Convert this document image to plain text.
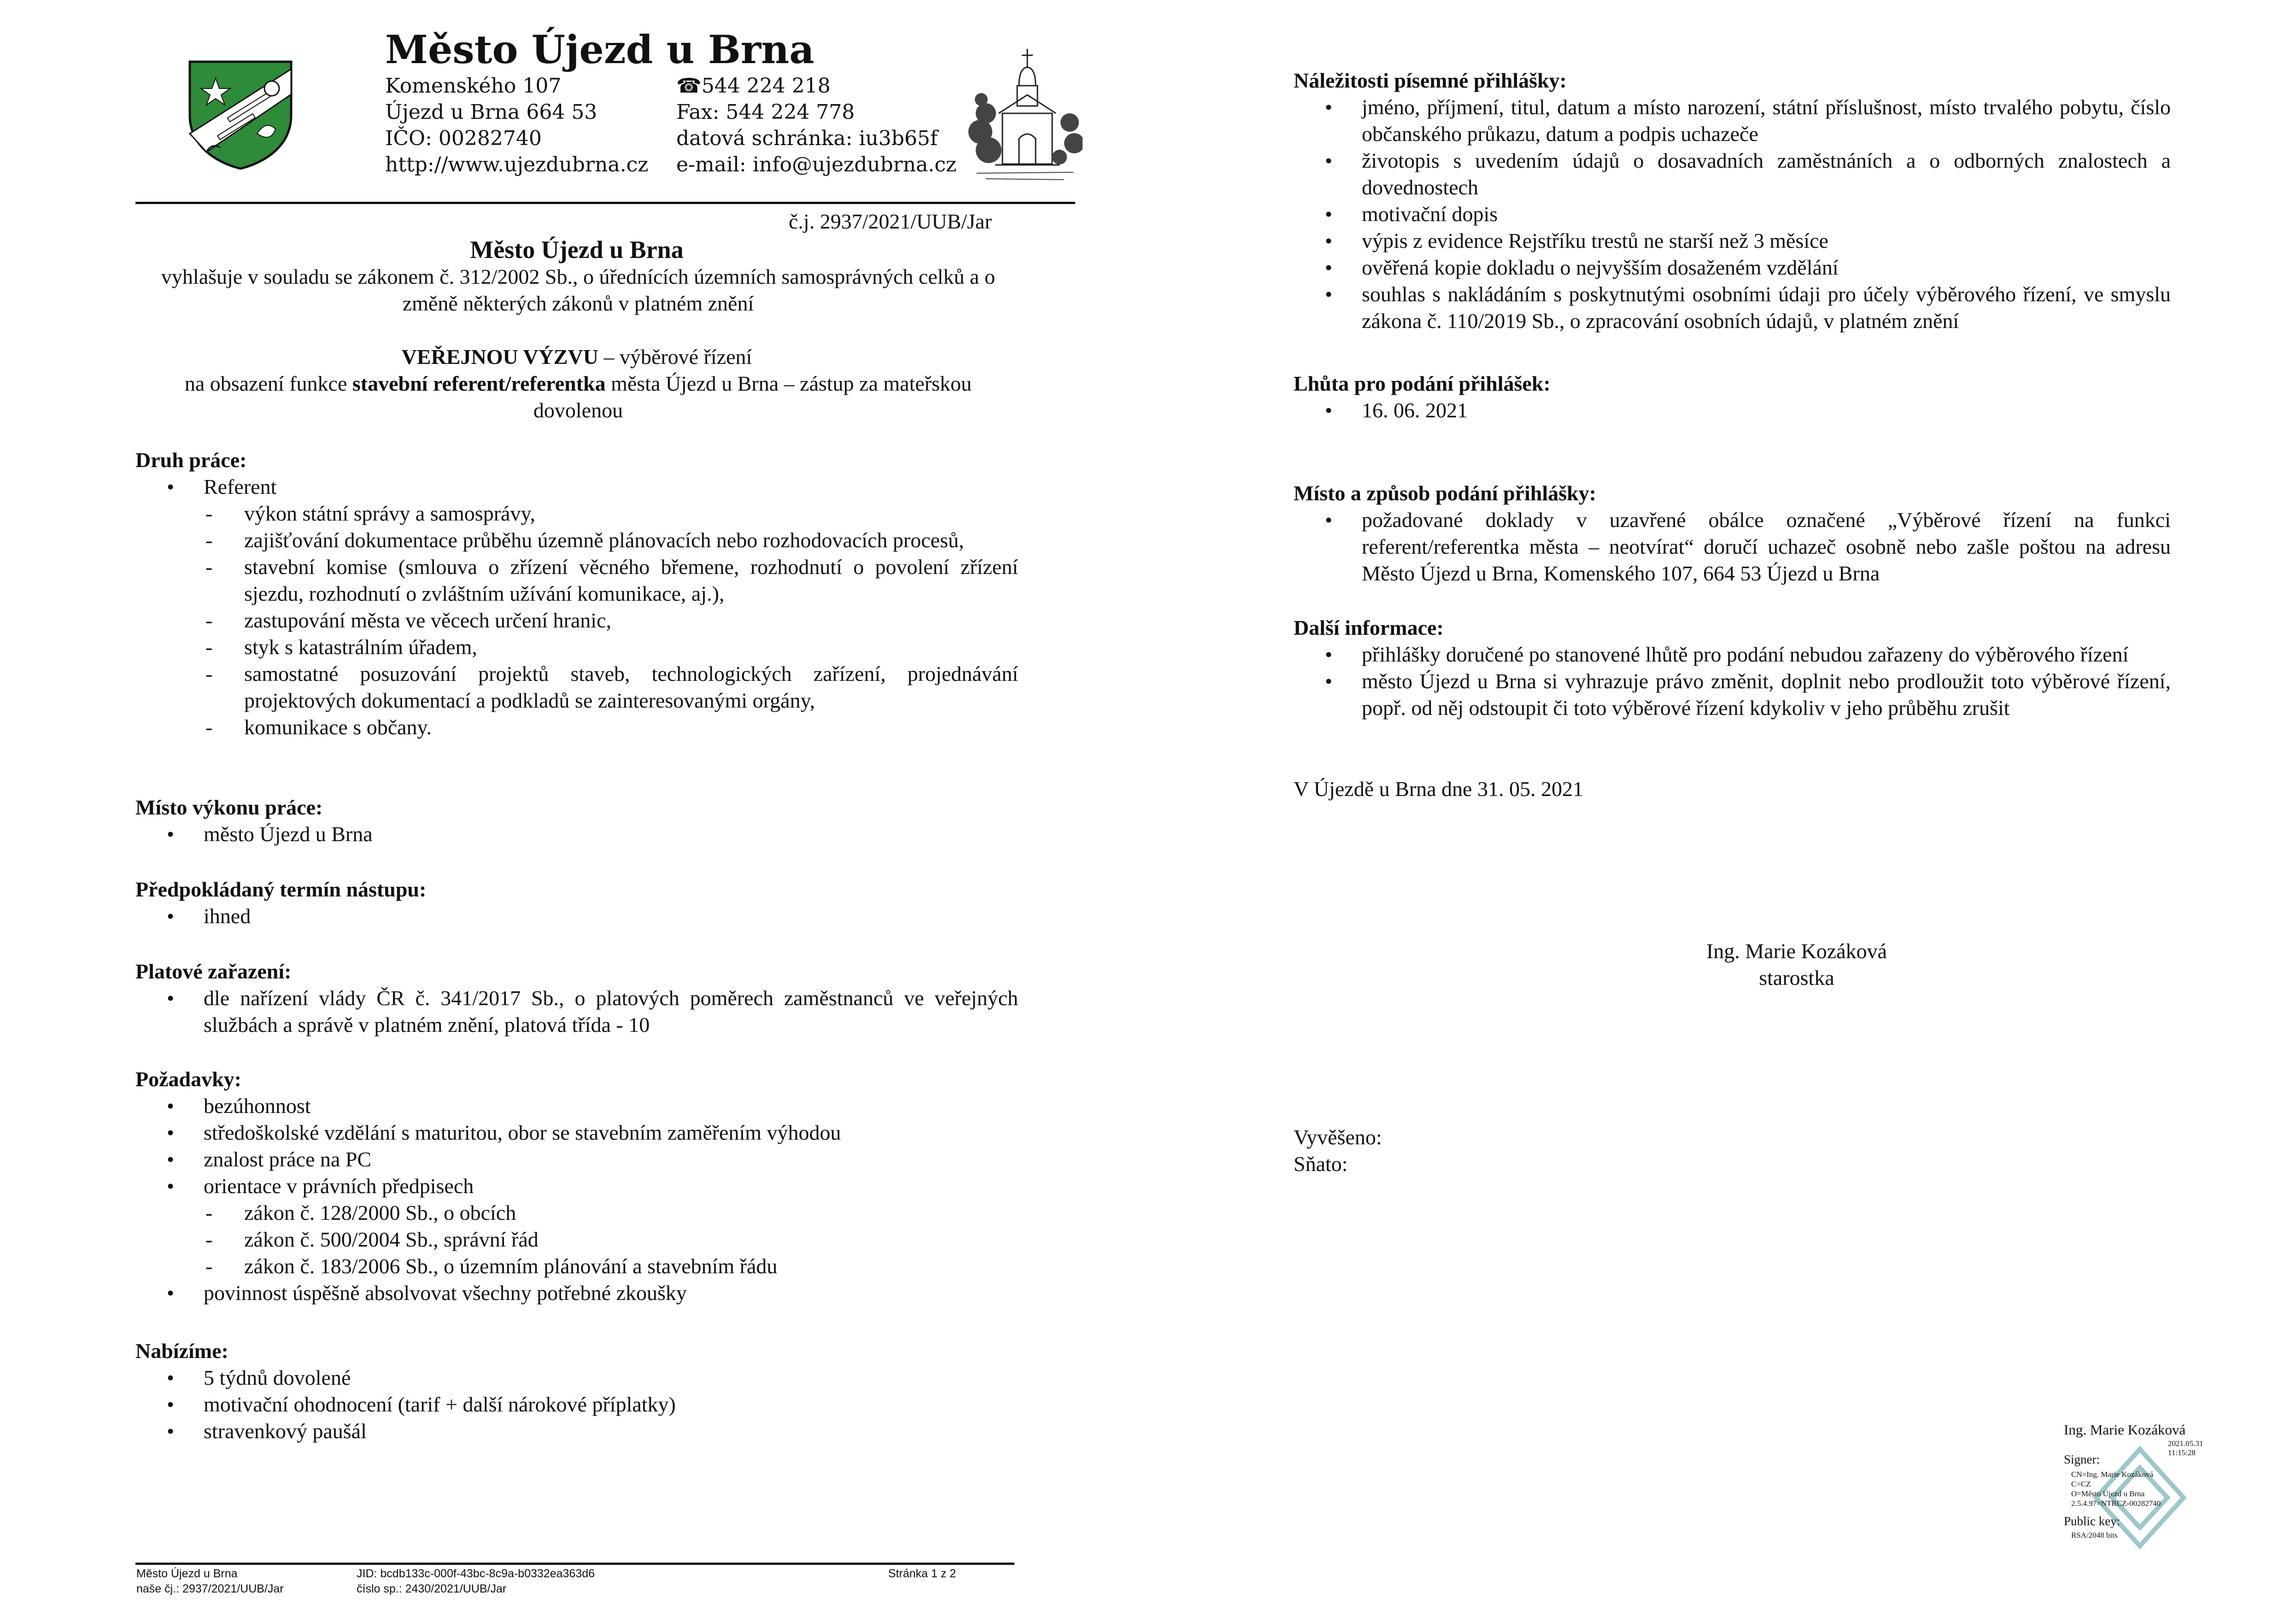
Město Újezd u Brna
Komenského 107
Újezd u Brna 664 53
IČO: 00282740
http://www.ujezdubrna.cz
☎544 224 218
Fax: 544 224 778
datová schránka: iu3b65f
e-mail: info@ujezdubrna.cz
č.j. 2937/2021/UUB/Jar
Město Újezd u Brna
vyhlašuje v souladu se zákonem č. 312/2002 Sb., o úřednících územních samosprávných celků a o změně některých zákonů v platném znění
VEŘEJNOU VÝZVU – výběrové řízení
na obsazení funkce stavební referent/referentka města Újezd u Brna – zástup za mateřskou dovolenou
Druh práce:
• Referent
- výkon státní správy a samosprávy,
- zajišťování dokumentace průběhu územně plánovacích nebo rozhodovacích procesů,
- stavební komise (smlouva o zřízení věcného břemene, rozhodnutí o povolení zřízení sjezdu, rozhodnutí o zvláštním užívání komunikace, aj.),
- zastupování města ve věcech určení hranic,
- styk s katastrálním úřadem,
- samostatné posuzování projektů staveb, technologických zařízení, projednávání projektových dokumentací a podkladů se zainteresovanými orgány,
- komunikace s občany.
Místo výkonu práce:
• město Újezd u Brna
Předpokládaný termín nástupu:
• ihned
Platové zařazení:
• dle nařízení vlády ČR č. 341/2017 Sb., o platových poměrech zaměstnanců ve veřejných službách a správě v platném znění, platová třída - 10
Požadavky:
• bezúhonnost
• středoškolské vzdělání s maturitou, obor se stavebním zaměřením výhodou
• znalost práce na PC
• orientace v právních předpisech
- zákon č. 128/2000 Sb., o obcích
- zákon č. 500/2004 Sb., správní řád
- zákon č. 183/2006 Sb., o územním plánování a stavebním řádu
• povinnost úspěšně absolvovat všechny potřebné zkoušky
Nabízíme:
• 5 týdnů dovolené
• motivační ohodnocení (tarif + další nárokové příplatky)
• stravenkový paušál
Město Újezd u Brna
naše čj.: 2937/2021/UUB/Jar
JID: bcdb133c-000f-43bc-8c9a-b0332ea363d6
číslo sp.: 2430/2021/UUB/Jar
Stránka 1 z 2
Náležitosti písemné přihlášky:
• jméno, příjmení, titul, datum a místo narození, státní příslušnost, místo trvalého pobytu, číslo občanského průkazu, datum a podpis uchazeče
• životopis s uvedením údajů o dosavadních zaměstnáních a o odborných znalostech a dovednostech
• motivační dopis
• výpis z evidence Rejstříku trestů ne starší než 3 měsíce
• ověřená kopie dokladu o nejvyšším dosaženém vzdělání
• souhlas s nakládáním s poskytnutými osobními údaji pro účely výběrového řízení, ve smyslu zákona č. 110/2019 Sb., o zpracování osobních údajů, v platném znění
Lhůta pro podání přihlášek:
• 16. 06. 2021
Místo a způsob podání přihlášky:
• požadované doklady v uzavřené obálce označené „Výběrové řízení na funkci referent/referentka města – neotvírat“ doručí uchazeč osobně nebo zašle poštou na adresu Město Újezd u Brna, Komenského 107, 664 53 Újezd u Brna
Další informace:
• přihlášky doručené po stanovené lhůtě pro podání nebudou zařazeny do výběrového řízení
• město Újezd u Brna si vyhrazuje právo změnit, doplnit nebo prodloužit toto výběrové řízení, popř. od něj odstoupit či toto výběrové řízení kdykoliv v jeho průběhu zrušit
V Újezdě u Brna dne 31. 05. 2021
Ing. Marie Kozáková
starostka
Vyvěšeno:
Sňato:
Ing. Marie Kozáková
2021.05.31 11:15:28
Signer:
CN=Ing. Marie Kozáková
C=CZ
O=Město Újezd u Brna
2.5.4.97=NTRCZ-00282740
Public key:
RSA/2048 bits
